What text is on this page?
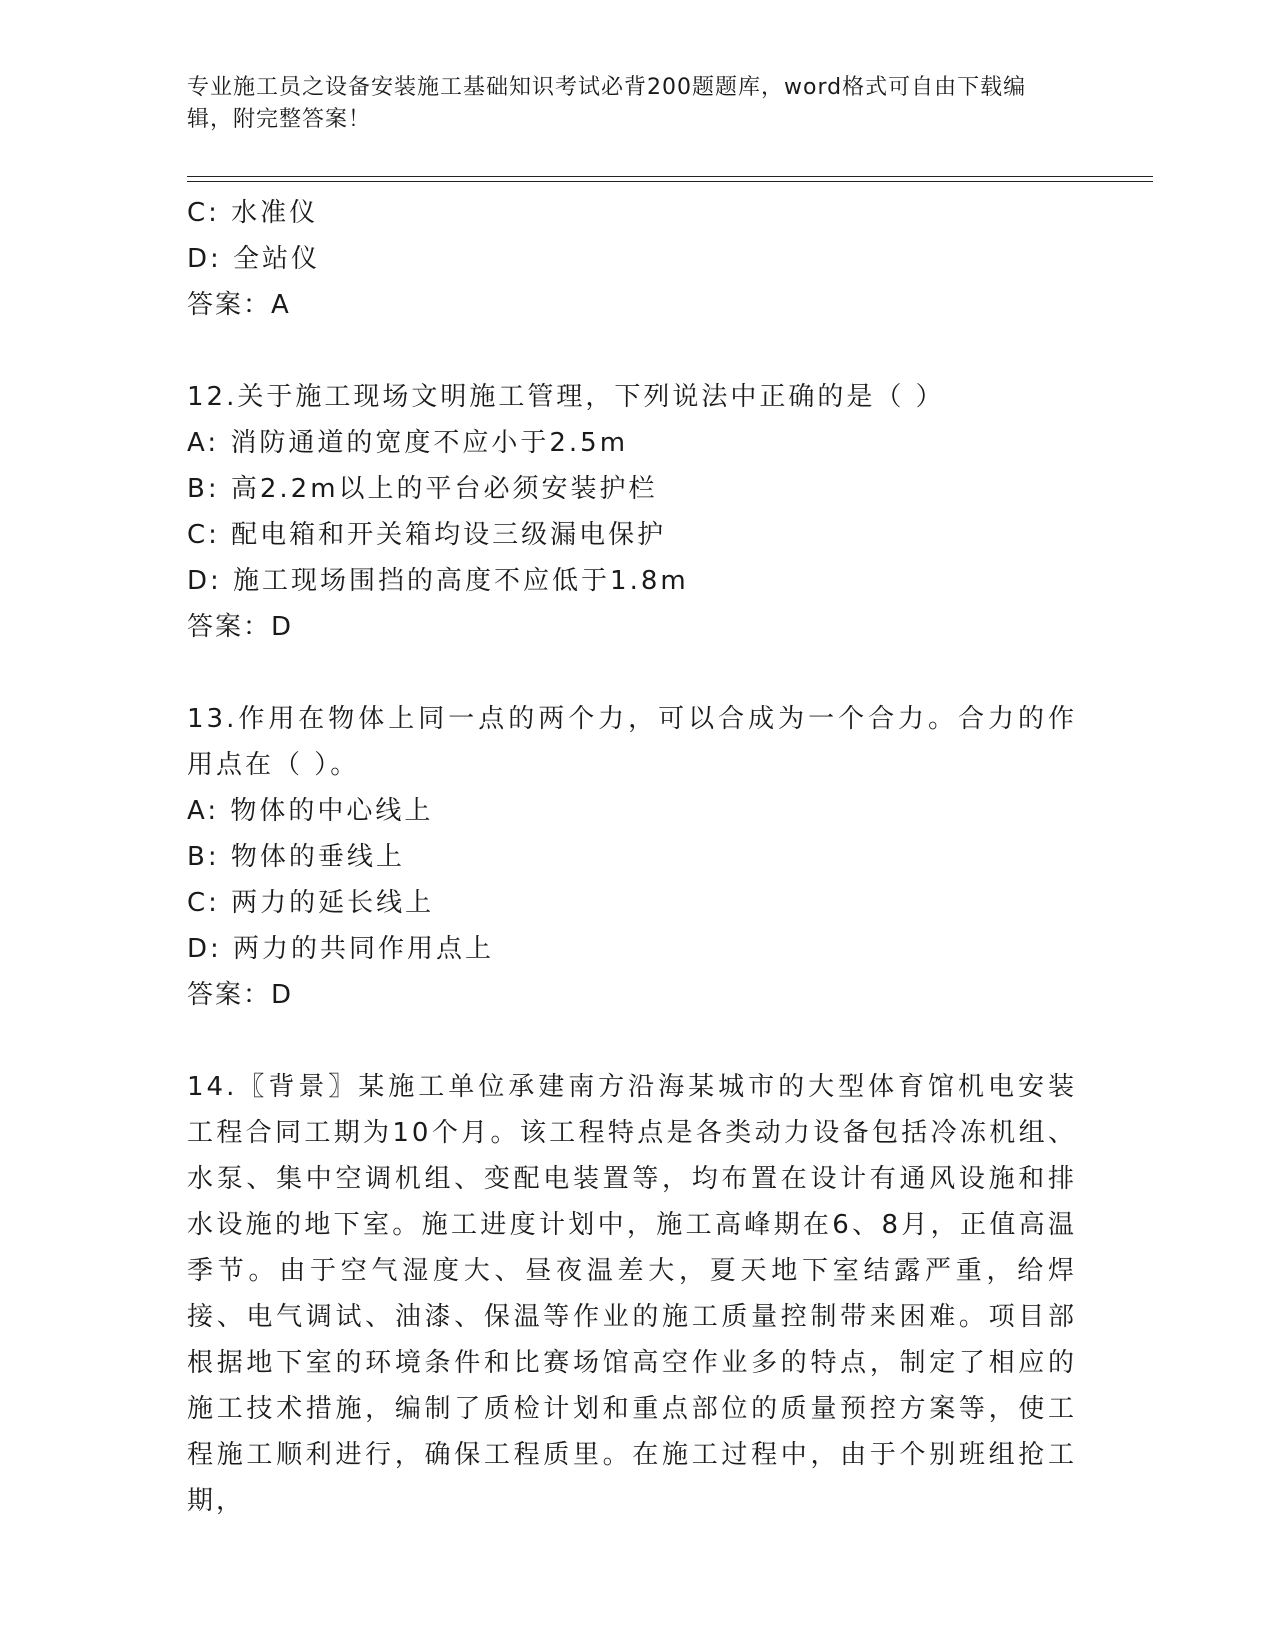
专业施工员之设备安装施工基础知识考试必背200题题库，word格式可自由下载编辑，附完整答案！

C: 水准仪

D: 全站仪

答案：A

12.关于施工现场文明施工管理，下列说法中正确的是（ ）

A: 消防通道的宽度不应小于2.5m

B: 高2.2m以上的平台必须安装护栏

C: 配电箱和开关箱均设三级漏电保护

D: 施工现场围挡的高度不应低于1.8m

答案：D

13.作用在物体上同一点的两个力，可以合成为一个合力。合力的作用点在（ ）。

A: 物体的中心线上

B: 物体的垂线上

C: 两力的延长线上

D: 两力的共同作用点上

答案：D

14.〖背景〗某施工单位承建南方沿海某城市的大型体育馆机电安装工程合同工期为10个月。该工程特点是各类动力设备包括冷冻机组、水泵、集中空调机组、变配电装置等，均布置在设计有通风设施和排水设施的地下室。施工进度计划中，施工高峰期在6、8月，正值高温季节。由于空气湿度大、昼夜温差大，夏天地下室结露严重，给焊接、电气调试、油漆、保温等作业的施工质量控制带来困难。项目部根据地下室的环境条件和比赛场馆高空作业多的特点，制定了相应的施工技术措施，编制了质检计划和重点部位的质量预控方案等，使工程施工顺利进行，确保工程质里。在施工过程中，由于个别班组抢工期，
